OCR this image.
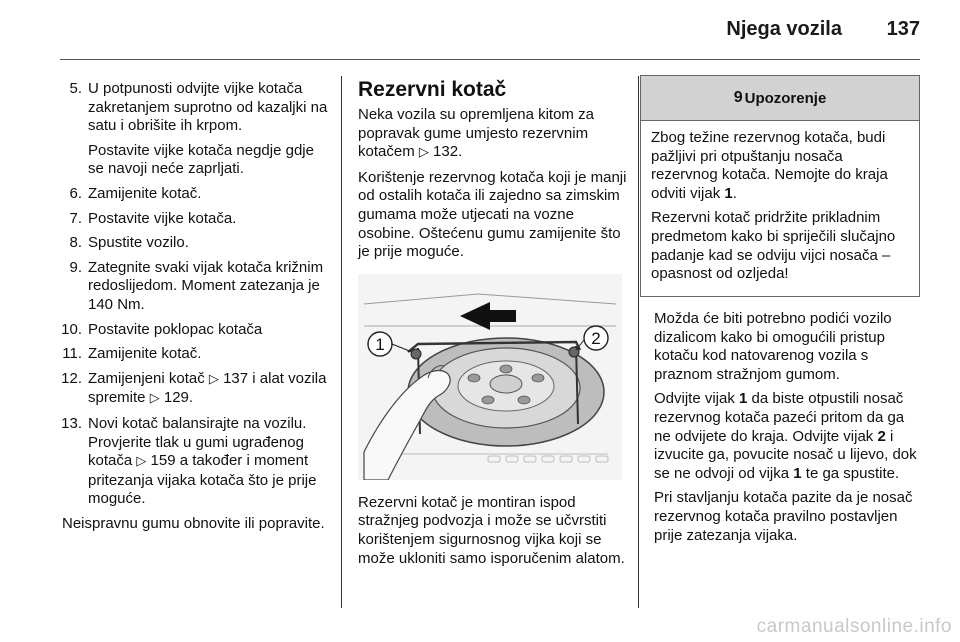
Njega vozila 137
5. U potpunosti odvijte vijke kotača zakretanjem suprotno od kazaljki na satu i obrišite ih krpom.
Postavite vijke kotača negdje gdje se navoji neće zaprljati.
6. Zamijenite kotač.
7. Postavite vijke kotača.
8. Spustite vozilo.
9. Zategnite svaki vijak kotača križnim redoslijedom. Moment zatezanja je 140 Nm.
10. Postavite poklopac kotača
11. Zamijenite kotač.
12. Zamijenjeni kotač ▷ 137 i alat vozila spremite ▷ 129.
13. Novi kotač balansirajte na vozilu. Provjerite tlak u gumi ugrađenog kotača ▷ 159 a također i moment pritezanja vijaka kotača što je prije moguće.

Neispravnu gumu obnovite ili popravite.

Rezervni kotač

Neka vozila su opremljena kitom za popravak gume umjesto rezervnim kotačem ▷ 132.

Korištenje rezervnog kotača koji je manji od ostalih kotača ili zajedno sa zimskim gumama može utjecati na vozne osobine. Oštećenu gumu zamijenite što je prije moguće.

1	2

Rezervni kotač je montiran ispod stražnjeg podvozja i može se učvrstiti korištenjem sigurnosnog vijka koji se može ukloniti samo isporučenim alatom.

9 Upozorenje

Zbog težine rezervnog kotača, budi pažljivi pri otpuštanju nosača rezervnog kotača. Nemojte do kraja odviti vijak 1.

Rezervni kotač pridržite prikladnim predmetom kako bi spriječili slučajno padanje kad se odviju vijci nosača – opasnost od ozljeda!

Možda će biti potrebno podići vozilo dizalicom kako bi omogućili pristup kotaču kod natovarenog vozila s praznom stražnjom gumom.

Odvijte vijak 1 da biste otpustili nosač rezervnog kotača pazeći pritom da ga ne odvijete do kraja. Odvijte vijak 2 i izvucite ga, povucite nosač u lijevo, dok se ne odvoji od vijka 1 te ga spustite.

Pri stavljanju kotača pazite da je nosač rezervnog kotača pravilno postavljen prije zatezanja vijaka.

carmanualsonline.info
